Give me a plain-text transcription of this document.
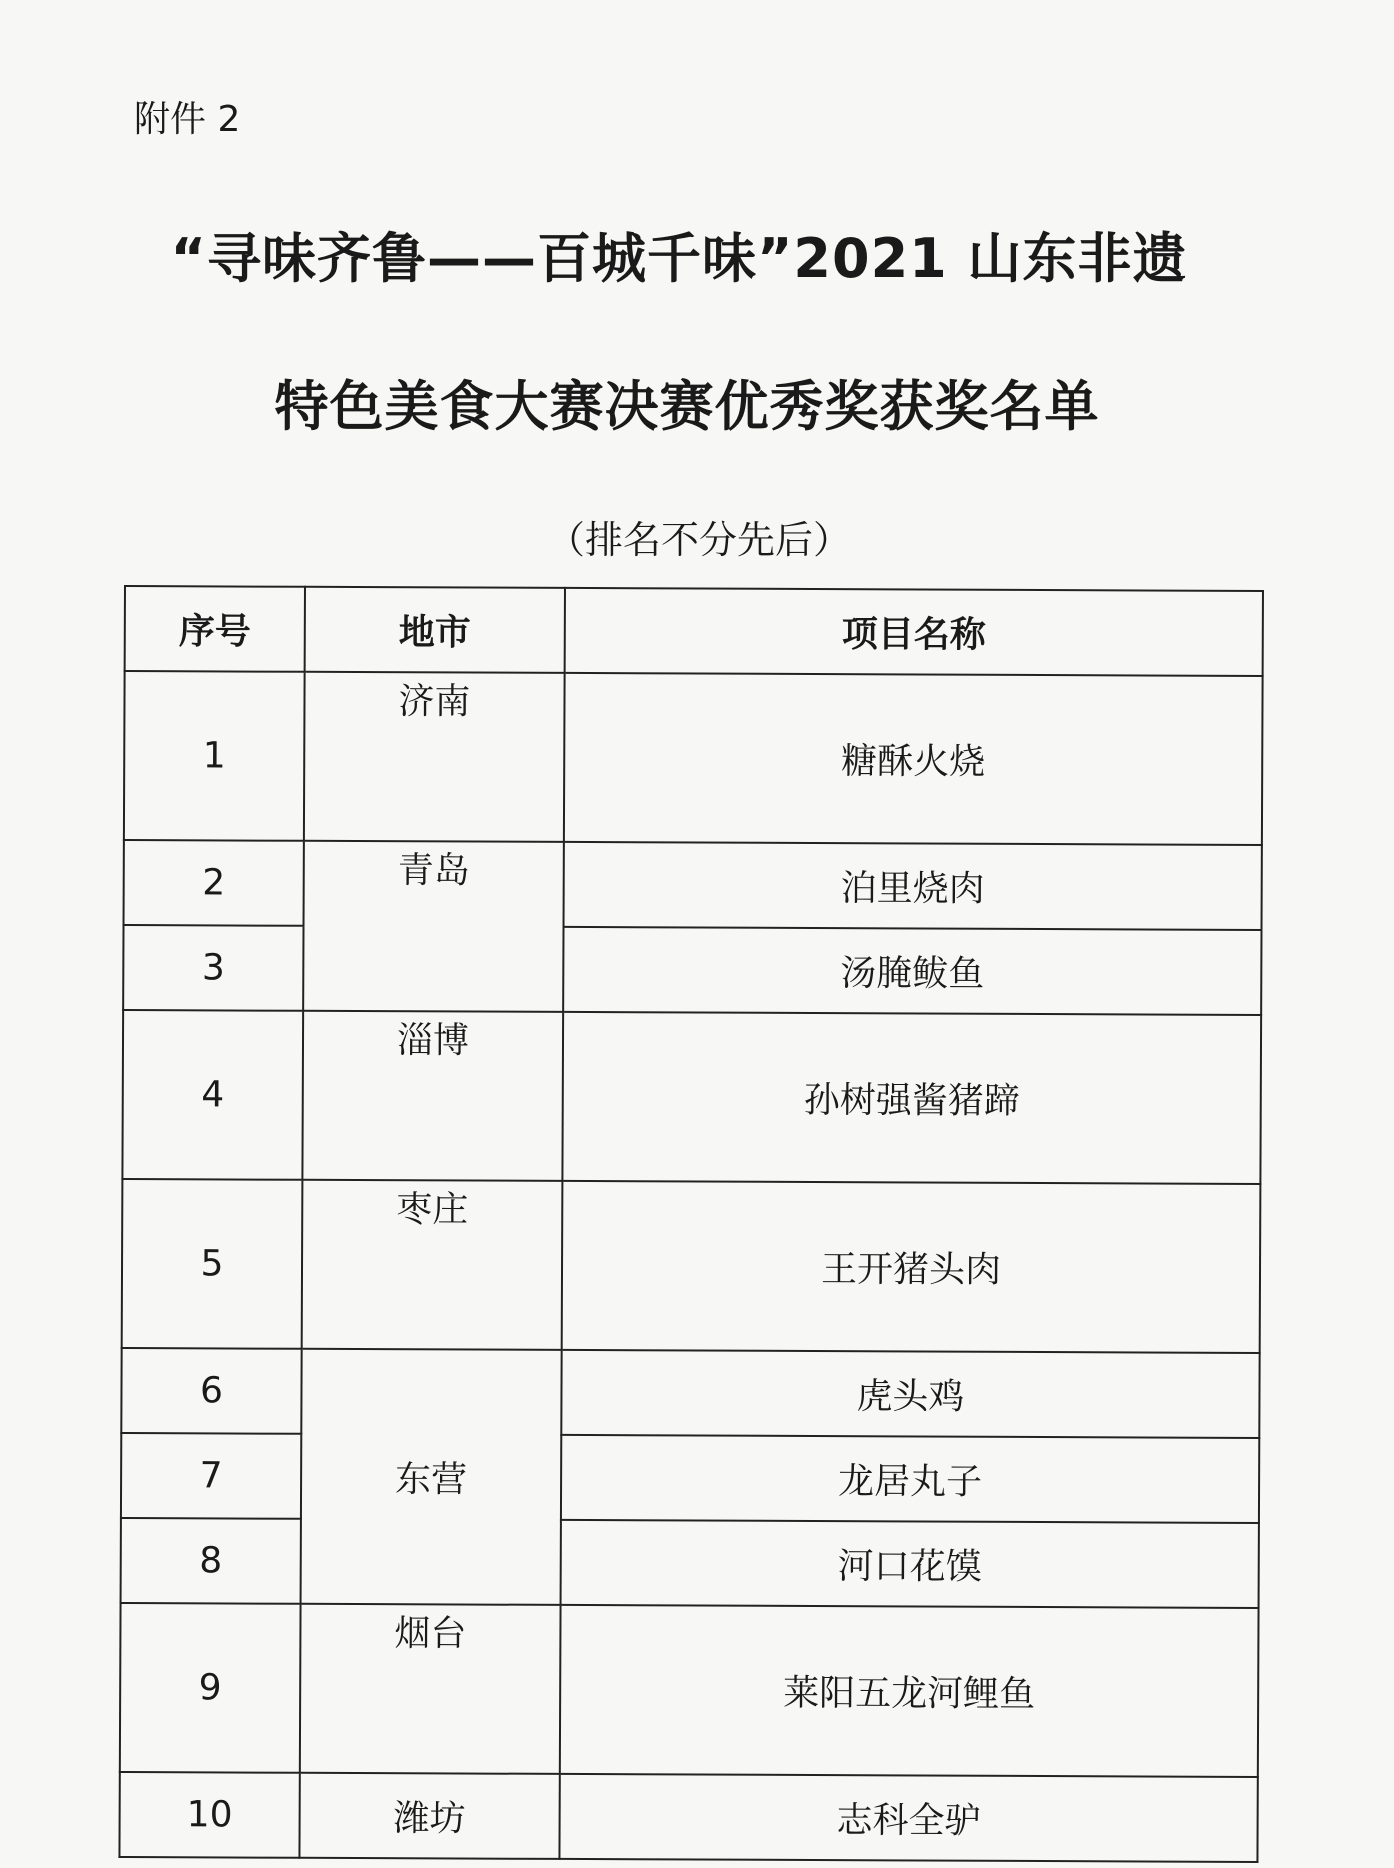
附件 2
“寻味齐鲁——百城千味”2021 山东非遗
特色美食大赛决赛优秀奖获奖名单
（排名不分先后）
序号	地市	项目名称
1	济南	糖酥火烧
2	青岛	泊里烧肉
3		汤腌鲅鱼
4	淄博	孙树强酱猪蹄
5	枣庄	王开猪头肉
6	东营	虎头鸡
7		龙居丸子
8		河口花馍
9	烟台	莱阳五龙河鲤鱼
10	潍坊	志科全驴
